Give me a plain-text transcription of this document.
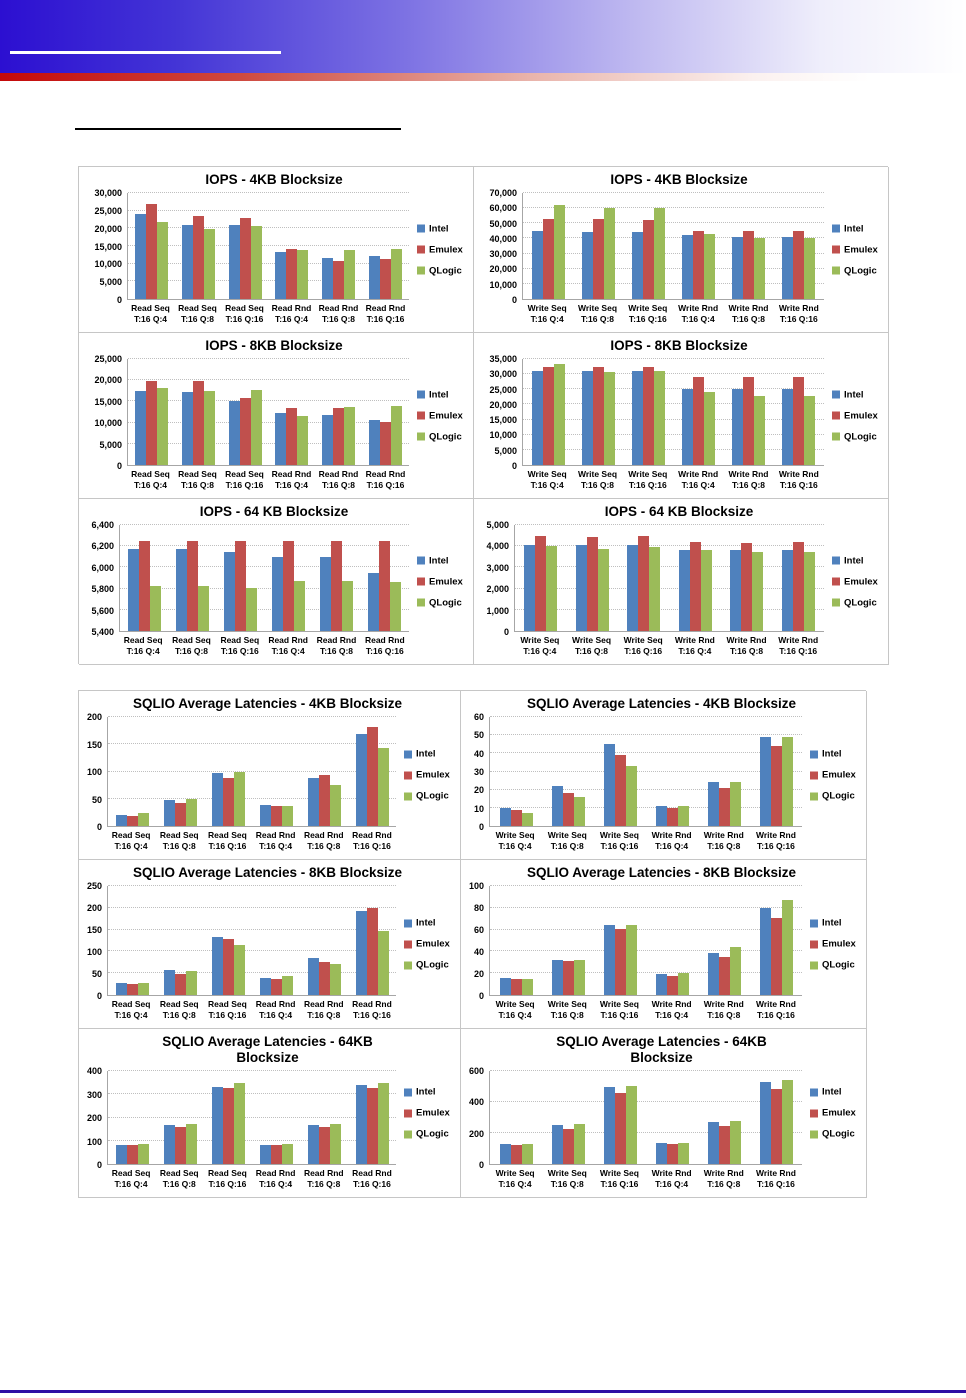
IOPS - 4KB Blocksize
0
5,000
10,000
15,000
20,000
25,000
30,000
Read Seq
T:16 Q:4
Read Seq
T:16 Q:8
Read Seq
T:16 Q:16
Read Rnd
T:16 Q:4
Read Rnd
T:16 Q:8
Read Rnd
T:16 Q:16
Intel
Emulex
QLogic
IOPS - 4KB Blocksize
0
10,000
20,000
30,000
40,000
50,000
60,000
70,000
Write Seq
T:16 Q:4
Write Seq
T:16 Q:8
Write Seq
T:16 Q:16
Write Rnd
T:16 Q:4
Write Rnd
T:16 Q:8
Write Rnd
T:16 Q:16
Intel
Emulex
QLogic
IOPS - 8KB Blocksize
0
5,000
10,000
15,000
20,000
25,000
Read Seq
T:16 Q:4
Read Seq
T:16 Q:8
Read Seq
T:16 Q:16
Read Rnd
T:16 Q:4
Read Rnd
T:16 Q:8
Read Rnd
T:16 Q:16
Intel
Emulex
QLogic
IOPS - 8KB Blocksize
0
5,000
10,000
15,000
20,000
25,000
30,000
35,000
Write Seq
T:16 Q:4
Write Seq
T:16 Q:8
Write Seq
T:16 Q:16
Write Rnd
T:16 Q:4
Write Rnd
T:16 Q:8
Write Rnd
T:16 Q:16
Intel
Emulex
QLogic
IOPS - 64 KB Blocksize
5,400
5,600
5,800
6,000
6,200
6,400
Read Seq
T:16 Q:4
Read Seq
T:16 Q:8
Read Seq
T:16 Q:16
Read Rnd
T:16 Q:4
Read Rnd
T:16 Q:8
Read Rnd
T:16 Q:16
Intel
Emulex
QLogic
IOPS - 64 KB Blocksize
0
1,000
2,000
3,000
4,000
5,000
Write Seq
T:16 Q:4
Write Seq
T:16 Q:8
Write Seq
T:16 Q:16
Write Rnd
T:16 Q:4
Write Rnd
T:16 Q:8
Write Rnd
T:16 Q:16
Intel
Emulex
QLogic
SQLIO Average Latencies - 4KB Blocksize
0
50
100
150
200
Read Seq
T:16 Q:4
Read Seq
T:16 Q:8
Read Seq
T:16 Q:16
Read Rnd
T:16 Q:4
Read Rnd
T:16 Q:8
Read Rnd
T:16 Q:16
Intel
Emulex
QLogic
SQLIO Average Latencies - 4KB Blocksize
0
10
20
30
40
50
60
Write Seq
T:16 Q:4
Write Seq
T:16 Q:8
Write Seq
T:16 Q:16
Write Rnd
T:16 Q:4
Write Rnd
T:16 Q:8
Write Rnd
T:16 Q:16
Intel
Emulex
QLogic
SQLIO Average Latencies - 8KB Blocksize
0
50
100
150
200
250
Read Seq
T:16 Q:4
Read Seq
T:16 Q:8
Read Seq
T:16 Q:16
Read Rnd
T:16 Q:4
Read Rnd
T:16 Q:8
Read Rnd
T:16 Q:16
Intel
Emulex
QLogic
SQLIO Average Latencies - 8KB Blocksize
0
20
40
60
80
100
Write Seq
T:16 Q:4
Write Seq
T:16 Q:8
Write Seq
T:16 Q:16
Write Rnd
T:16 Q:4
Write Rnd
T:16 Q:8
Write Rnd
T:16 Q:16
Intel
Emulex
QLogic
SQLIO Average Latencies - 64KB
Blocksize
0
100
200
300
400
Read Seq
T:16 Q:4
Read Seq
T:16 Q:8
Read Seq
T:16 Q:16
Read Rnd
T:16 Q:4
Read Rnd
T:16 Q:8
Read Rnd
T:16 Q:16
Intel
Emulex
QLogic
SQLIO Average Latencies - 64KB
Blocksize
0
200
400
600
Write Seq
T:16 Q:4
Write Seq
T:16 Q:8
Write Seq
T:16 Q:16
Write Rnd
T:16 Q:4
Write Rnd
T:16 Q:8
Write Rnd
T:16 Q:16
Intel
Emulex
QLogic
